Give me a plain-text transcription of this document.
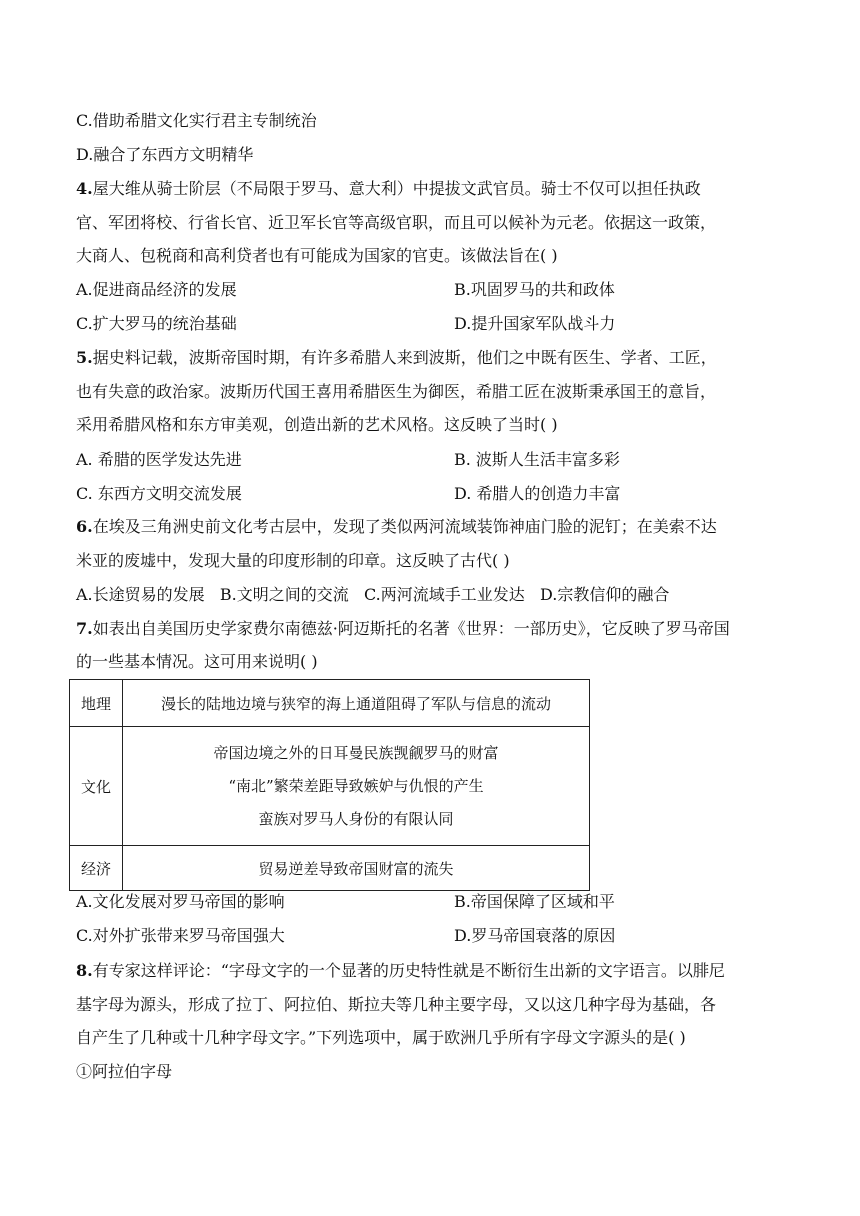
C.借助希腊文化实行君主专制统治
D.融合了东西方文明精华
4.屋大维从骑士阶层（不局限于罗马、意大利）中提拔文武官员。骑士不仅可以担任执政
官、军团将校、行省长官、近卫军长官等高级官职，而且可以候补为元老。依据这一政策，
大商人、包税商和高利贷者也有可能成为国家的官吏。该做法旨在( )
A.促进商品经济的发展	B.巩固罗马的共和政体
C.扩大罗马的统治基础	D.提升国家军队战斗力
5.据史料记载，波斯帝国时期，有许多希腊人来到波斯，他们之中既有医生、学者、工匠，
也有失意的政治家。波斯历代国王喜用希腊医生为御医，希腊工匠在波斯秉承国王的意旨，
采用希腊风格和东方审美观，创造出新的艺术风格。这反映了当时( )
A. 希腊的医学发达先进	B. 波斯人生活丰富多彩
C. 东西方文明交流发展	D. 希腊人的创造力丰富
6.在埃及三角洲史前文化考古层中，发现了类似两河流域装饰神庙门脸的泥钉；在美索不达
米亚的废墟中，发现大量的印度形制的印章。这反映了古代( )
A.长途贸易的发展   B.文明之间的交流   C.两河流域手工业发达   D.宗教信仰的融合
7.如表出自美国历史学家费尔南德兹·阿迈斯托的名著《世界：一部历史》，它反映了罗马帝国
的一些基本情况。这可用来说明( )
地理	漫长的陆地边境与狭窄的海上通道阻碍了军队与信息的流动
文化	帝国边境之外的日耳曼民族觊觎罗马的财富
“南北”繁荣差距导致嫉妒与仇恨的产生
蛮族对罗马人身份的有限认同

经济	贸易逆差导致帝国财富的流失
A.文化发展对罗马帝国的影响	B.帝国保障了区域和平
C.对外扩张带来罗马帝国强大	D.罗马帝国衰落的原因
8.有专家这样评论：“字母文字的一个显著的历史特性就是不断衍生出新的文字语言。以腓尼
基字母为源头，形成了拉丁、阿拉伯、斯拉夫等几种主要字母，又以这几种字母为基础，各
自产生了几种或十几种字母文字。”下列选项中，属于欧洲几乎所有字母文字源头的是( )
①阿拉伯字母
